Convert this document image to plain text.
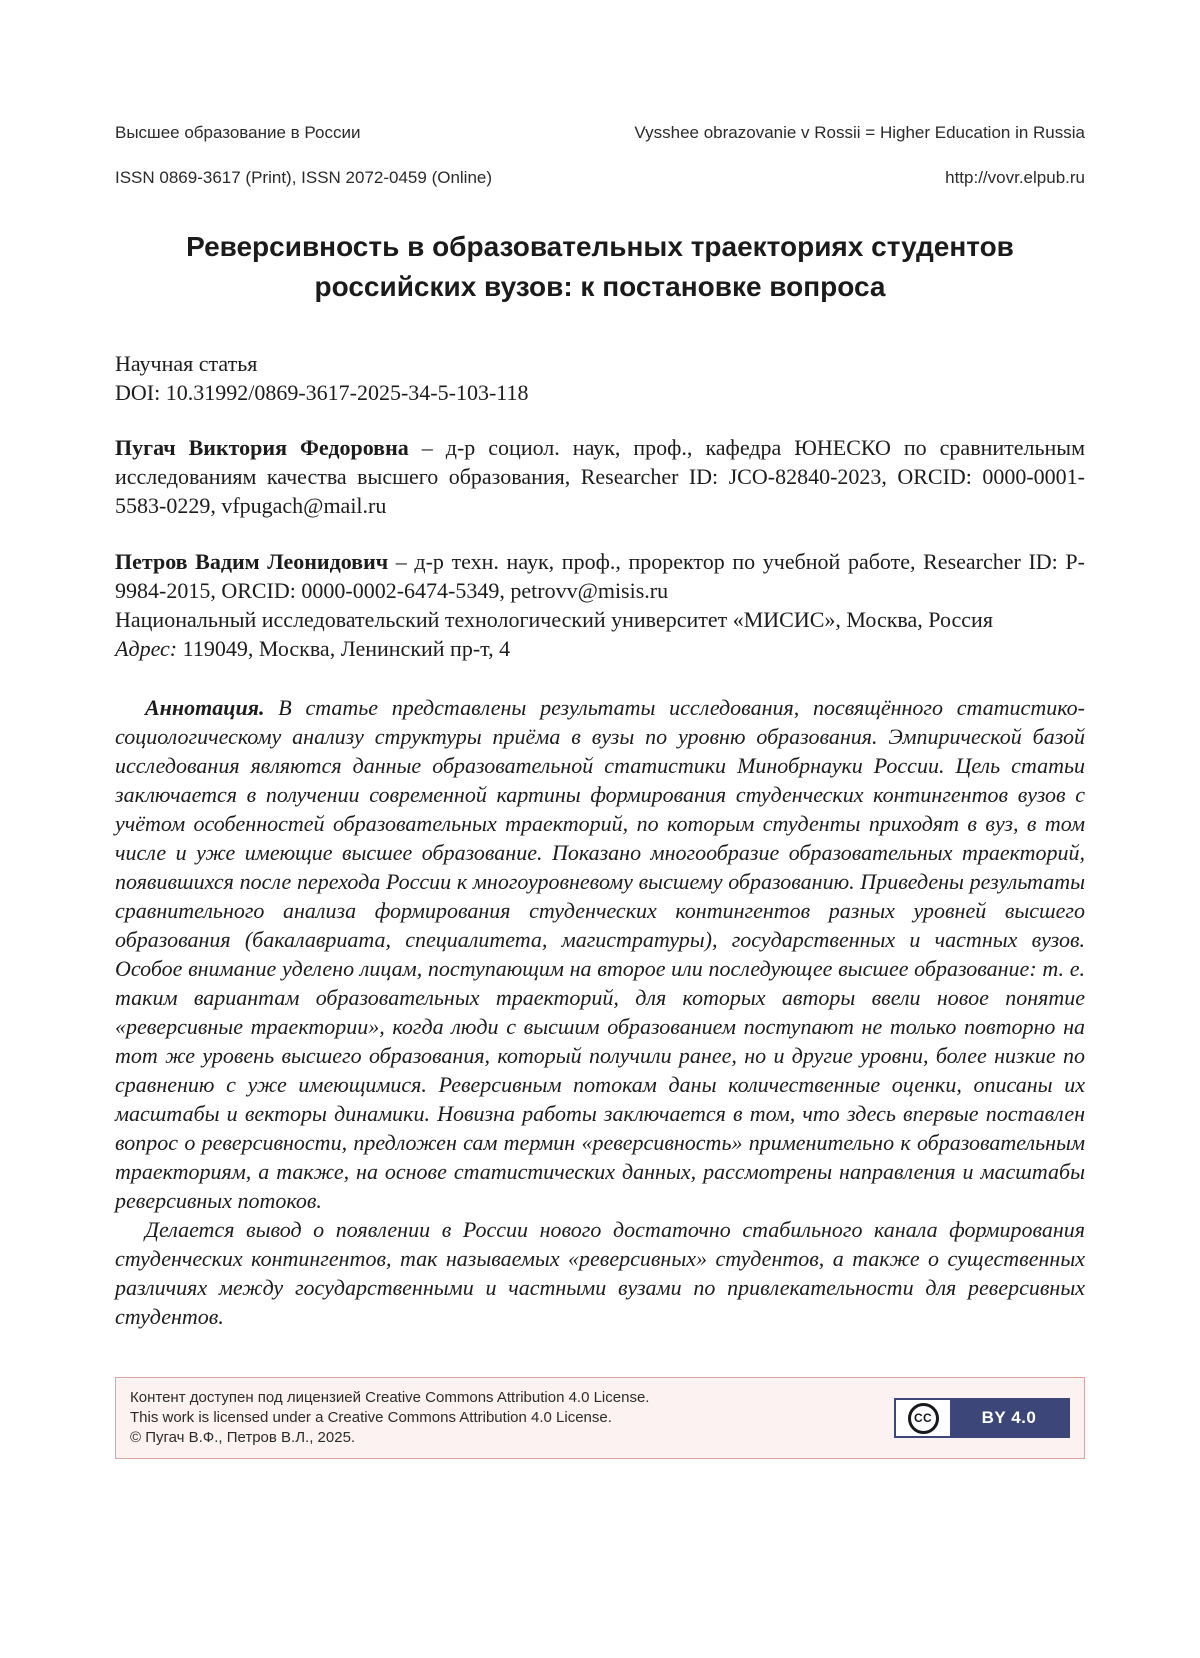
Высшее образование в России	Vysshee obrazovanie v Rossii = Higher Education in Russia
ISSN 0869-3617 (Print), ISSN 2072-0459 (Online)	http://vovr.elpub.ru
Реверсивность в образовательных траекториях студентов российских вузов: к постановке вопроса
Научная статья
DOI: 10.31992/0869-3617-2025-34-5-103-118

Пугач Виктория Федоровна – д-р социол. наук, проф., кафедра ЮНЕСКО по сравнительным исследованиям качества высшего образования, Researcher ID: JCO-82840-2023, ORCID: 0000-0001-5583-0229, vfpugach@mail.ru

Петров Вадим Леонидович – д-р техн. наук, проф., проректор по учебной работе, Researcher ID: P-9984-2015, ORCID: 0000-0002-6474-5349, petrovv@misis.ru

Национальный исследовательский технологический университет «МИСИС», Москва, Россия

Адрес: 119049, Москва, Ленинский пр-т, 4

Аннотация. В статье представлены результаты исследования, посвящённого статистико-социологическому анализу структуры приёма в вузы по уровню образования. Эмпирической базой исследования являются данные образовательной статистики Минобрнауки России. Цель статьи заключается в получении современной картины формирования студенческих контингентов вузов с учётом особенностей образовательных траекторий, по которым студенты приходят в вуз, в том числе и уже имеющие высшее образование. Показано многообразие образовательных траекторий, появившихся после перехода России к многоуровневому высшему образованию. Приведены результаты сравнительного анализа формирования студенческих контингентов разных уровней высшего образования (бакалавриата, специалитета, магистратуры), государственных и частных вузов. Особое внимание уделено лицам, поступающим на второе или последующее высшее образование: т. е. таким вариантам образовательных траекторий, для которых авторы ввели новое понятие «реверсивные траектории», когда люди с высшим образованием поступают не только повторно на тот же уровень высшего образования, который получили ранее, но и другие уровни, более низкие по сравнению с уже имеющимися. Реверсивным потокам даны количественные оценки, описаны их масштабы и векторы динамики. Новизна работы заключается в том, что здесь впервые поставлен вопрос о реверсивности, предложен сам термин «реверсивность» применительно к образовательным траекториям, а также, на основе статистических данных, рассмотрены направления и масштабы реверсивных потоков.

Делается вывод о появлении в России нового достаточно стабильного канала формирования студенческих контингентов, так называемых «реверсивных» студентов, а также о существенных различиях между государственными и частными вузами по привлекательности для реверсивных студентов.

Контент доступен под лицензией Creative Commons Attribution 4.0 License.
This work is licensed under a Creative Commons Attribution 4.0 License.
© Пугач В.Ф., Петров В.Л., 2025.
CC	BY 4.0
